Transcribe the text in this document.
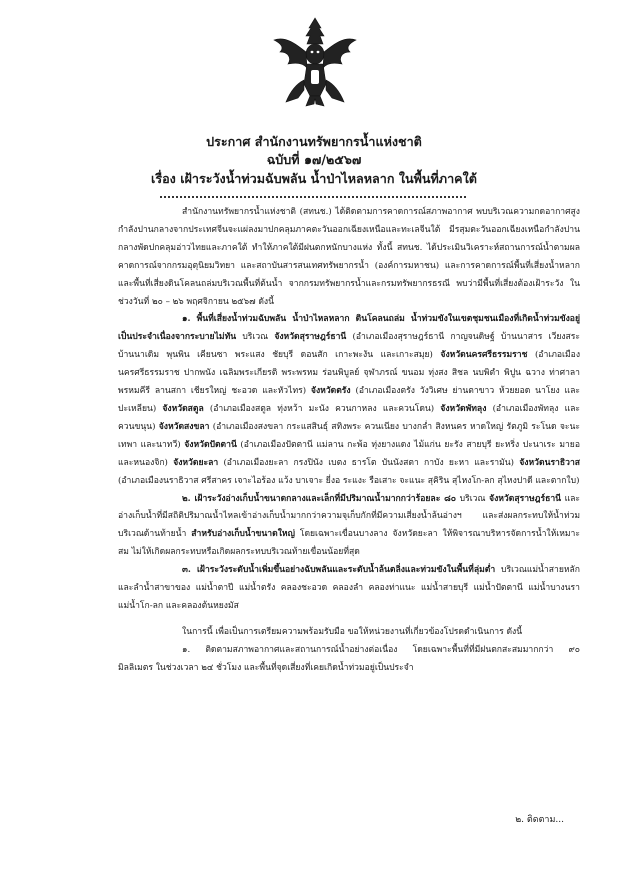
ประกาศ สำนักงานทรัพยากรน้ำแห่งชาติ
ฉบับที่ ๑๗/๒๕๖๗
เรื่อง เฝ้าระวังน้ำท่วมฉับพลัน น้ำป่าไหลหลาก ในพื้นที่ภาคใต้

สำนักงานทรัพยากรน้ำแห่งชาติ (สทนช.) ได้ติดตามการคาดการณ์สภาพอากาศ พบบริเวณความกดอากาศสูงกำลังปานกลางจากประเทศจีนจะแผ่ลงมาปกคลุมภาคตะวันออกเฉียงเหนือและทะเลจีนใต้ มีรสุมตะวันออกเฉียงเหนือกำลังปานกลางพัดปกคลุมอ่าวไทยและภาคใต้ ทำให้ภาคใต้มีฝนตกหนักบางแห่ง ทั้งนี้ สทนช. ได้ประเมินวิเคราะห์สถานการณ์น้ำตามผลคาดการณ์จากกรมอุตุนิยมวิทยา และสถาบันสารสนเทศทรัพยากรน้ำ (องค์การมหาชน) และการคาดการณ์พื้นที่เสี่ยงน้ำหลากและพื้นที่เสี่ยงดินโคลนถล่มบริเวณพื้นที่ต้นน้ำ จากกรมทรัพยากรน้ำและกรมทรัพยากรธรณี พบว่ามีพื้นที่เสี่ยงต้องเฝ้าระวัง ในช่วงวันที่ ๒๐ – ๒๖ พฤศจิกายน ๒๕๖๗ ดังนี้

๑. พื้นที่เสี่ยงน้ำท่วมฉับพลัน น้ำป่าไหลหลาก ดินโคลนถล่ม น้ำท่วมขังในเขตชุมชนเมืองที่เกิดน้ำท่วมขังอยู่เป็นประจำเนื่องจากระบายไม่ทัน บริเวณ จังหวัดสุราษฎร์ธานี (อำเภอเมืองสุราษฎร์ธานี กาญจนดิษฐ์ บ้านนาสาร เวียงสระ บ้านนาเดิม พุนพิน เคียนซา พระแสง ชัยบุรี ดอนสัก เกาะพะงัน และเกาะสมุย) จังหวัดนครศรีธรรมราช (อำเภอเมืองนครศรีธรรมราช ปากพนัง เฉลิมพระเกียรติ พระพรหม ร่อนพิบูลย์ จุฬาภรณ์ ขนอม ทุ่งสง สิชล นบพิตำ พิปูน ฉวาง ท่าศาลา พรหมคีรี ลานสกา เชียรใหญ่ ชะอวด และหัวไทร) จังหวัดตรัง (อำเภอเมืองตรัง วังวิเศษ ย่านตาขาว ห้วยยอด นาโยง และปะเหลียน) จังหวัดสตูล (อำเภอเมืองสตูล ทุ่งหว้า มะนัง ควนกาหลง และควนโดน) จังหวัดพัทลุง (อำเภอเมืองพัทลุง และควนขนุน) จังหวัดสงขลา (อำเภอเมืองสงขลา กระแสสินธุ์ สทิงพระ ควนเนียง บางกล่ำ สิงหนคร หาดใหญ่ รัตภูมิ ระโนด จะนะ เทพา และนาทวี) จังหวัดปัตตานี (อำเภอเมืองปัตตานี แม่ลาน กะพ้อ ทุ่งยางแดง ไม้แก่น ยะรัง สายบุรี ยะหริ่ง ปะนาเระ มายอ และหนองจิก) จังหวัดยะลา (อำเภอเมืองยะลา กรงปินัง เบตง ธารโต บันนังสตา กาบัง ยะหา และรามัน) จังหวัดนราธิวาส (อำเภอเมืองนราธิวาส ศรีสาคร เจาะไอร้อง แว้ง บาเจาะ ยี่งอ ระแงะ รือเสาะ จะแนะ สุคิริน สุไหงโก-ลก สุไหงปาดี และตากใบ)

๒. เฝ้าระวังอ่างเก็บน้ำขนาดกลางและเล็กที่มีปริมาณน้ำมากกว่าร้อยละ ๘๐ บริเวณ จังหวัดสุราษฎร์ธานี และอ่างเก็บน้ำที่มีสถิติปริมาณน้ำไหลเข้าอ่างเก็บน้ำมากกว่าความจุเก็บกักที่มีความเสี่ยงน้ำล้นอ่างฯ และส่งผลกระทบให้น้ำท่วมบริเวณด้านท้ายน้ำ สำหรับอ่างเก็บน้ำขนาดใหญ่ โดยเฉพาะเขื่อนบางลาง จังหวัดยะลา ให้พิจารณาบริหารจัดการน้ำให้เหมาะสม ไม่ให้เกิดผลกระทบหรือเกิดผลกระทบบริเวณท้ายเขื่อนน้อยที่สุด

๓. เฝ้าระวังระดับน้ำเพิ่มขึ้นอย่างฉับพลันและระดับน้ำล้นตลิ่งและท่วมขังในพื้นที่ลุ่มต่ำ บริเวณแม่น้ำสายหลักและลำน้ำสาขาของ แม่น้ำตาปี แม่น้ำตรัง คลองชะอวด คลองลำ คลองท่าแนะ แม่น้ำสายบุรี แม่น้ำปัตตานี แม่น้ำบางนรา แม่น้ำโก-ลก และคลองต้นหยงมัส

ในการนี้ เพื่อเป็นการเตรียมความพร้อมรับมือ ขอให้หน่วยงานที่เกี่ยวข้องโปรดดำเนินการ ดังนี้

๑. ติดตามสภาพอากาศและสถานการณ์น้ำอย่างต่อเนื่อง โดยเฉพาะพื้นที่ที่มีฝนตกสะสมมากกว่า ๙๐ มิลลิเมตร ในช่วงเวลา ๒๔ ชั่วโมง และพื้นที่จุดเสี่ยงที่เคยเกิดน้ำท่วมอยู่เป็นประจำ

๒. ติดตาม...
